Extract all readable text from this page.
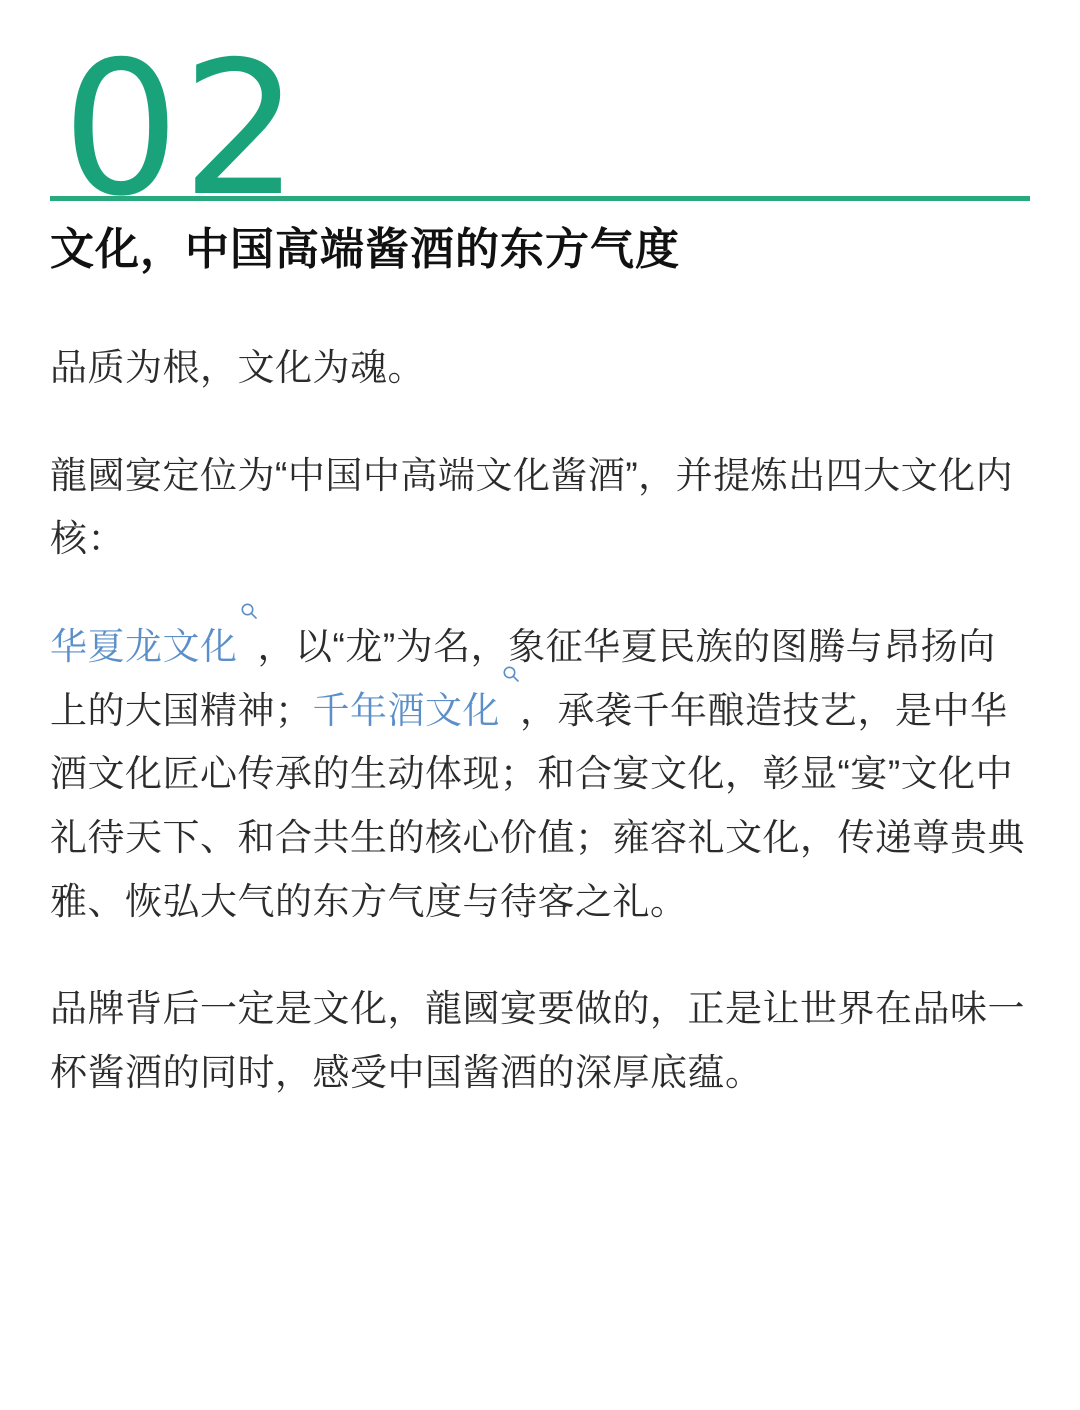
02
文化，中国高端酱酒的东方气度

品质为根，文化为魂。

龍國宴定位为“中国中高端文化酱酒”，并提炼出四大文化内核：

华夏龙文化 ，以“龙”为名，象征华夏民族的图腾与昂扬向上的大国精神；千年酒文化 ，承袭千年酿造技艺，是中华酒文化匠心传承的生动体现；和合宴文化，彰显“宴”文化中礼待天下、和合共生的核心价值；雍容礼文化，传递尊贵典雅、恢弘大气的东方气度与待客之礼。

品牌背后一定是文化，龍國宴要做的，正是让世界在品味一杯酱酒的同时，感受中国酱酒的深厚底蕴。
